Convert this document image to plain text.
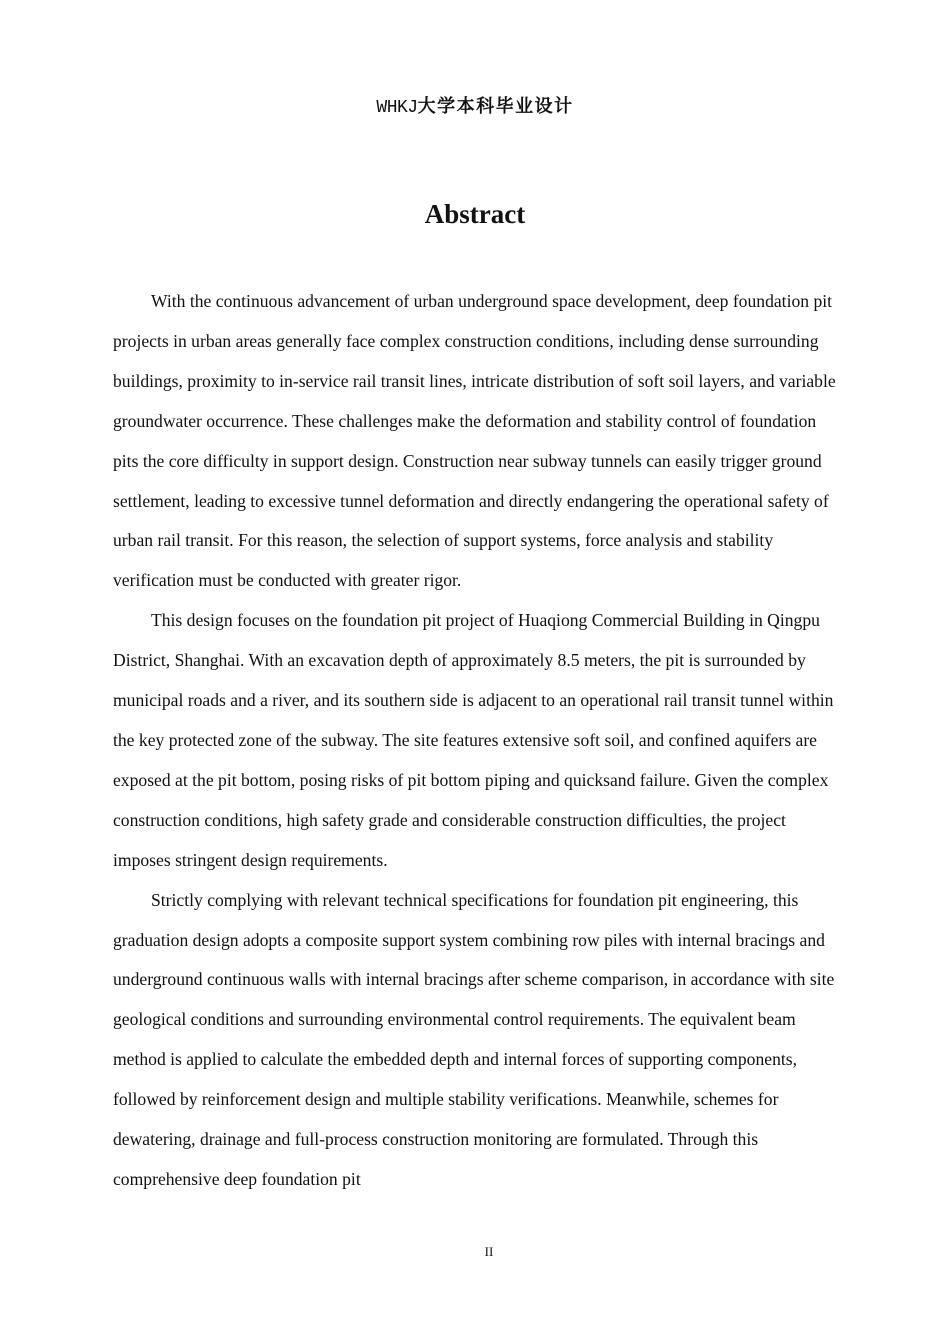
WHKJ大学本科毕业设计
Abstract

With the continuous advancement of urban underground space development, deep foundation pit projects in urban areas generally face complex construction conditions, including dense surrounding buildings, proximity to in-service rail transit lines, intricate distribution of soft soil layers, and variable groundwater occurrence. These challenges make the deformation and stability control of foundation pits the core difficulty in support design. Construction near subway tunnels can easily trigger ground settlement, leading to excessive tunnel deformation and directly endangering the operational safety of urban rail transit. For this reason, the selection of support systems, force analysis and stability verification must be conducted with greater rigor.

This design focuses on the foundation pit project of Huaqiong Commercial Building in Qingpu District, Shanghai. With an excavation depth of approximately 8.5 meters, the pit is surrounded by municipal roads and a river, and its southern side is adjacent to an operational rail transit tunnel within the key protected zone of the subway. The site features extensive soft soil, and confined aquifers are exposed at the pit bottom, posing risks of pit bottom piping and quicksand failure. Given the complex construction conditions, high safety grade and considerable construction difficulties, the project imposes stringent design requirements.

Strictly complying with relevant technical specifications for foundation pit engineering, this graduation design adopts a composite support system combining row piles with internal bracings and underground continuous walls with internal bracings after scheme comparison, in accordance with site geological conditions and surrounding environmental control requirements. The equivalent beam method is applied to calculate the embedded depth and internal forces of supporting components, followed by reinforcement design and multiple stability verifications. Meanwhile, schemes for dewatering, drainage and full-process construction monitoring are formulated. Through this comprehensive deep foundation pit

II
